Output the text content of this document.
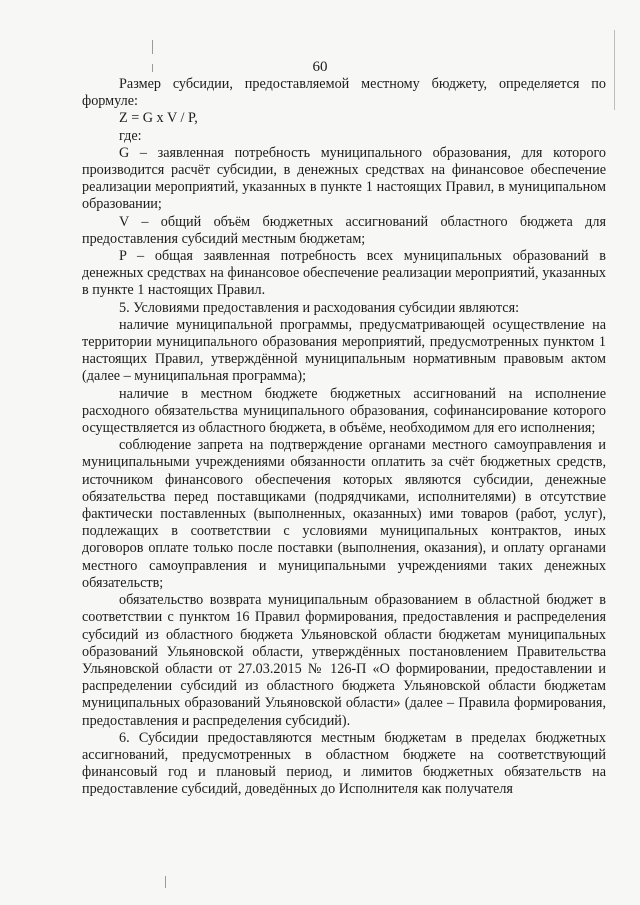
60

Размер субсидии, предоставляемой местному бюджету, определяется по формуле:

Z = G x V / P,

где:

G – заявленная потребность муниципального образования, для которого производится расчёт субсидии, в денежных средствах на финансовое обеспечение реализации мероприятий, указанных в пункте 1 настоящих Правил, в муниципальном образовании;

V – общий объём бюджетных ассигнований областного бюджета для предоставления субсидий местным бюджетам;

P – общая заявленная потребность всех муниципальных образований в денежных средствах на финансовое обеспечение реализации мероприятий, указанных в пункте 1 настоящих Правил.

5. Условиями предоставления и расходования субсидии являются:

наличие муниципальной программы, предусматривающей осуществление на территории муниципального образования мероприятий, предусмотренных пунктом 1 настоящих Правил, утверждённой муниципальным нормативным правовым актом (далее – муниципальная программа);

наличие в местном бюджете бюджетных ассигнований на исполнение расходного обязательства муниципального образования, софинансирование которого осуществляется из областного бюджета, в объёме, необходимом для его исполнения;

соблюдение запрета на подтверждение органами местного самоуправления и муниципальными учреждениями обязанности оплатить за счёт бюджетных средств, источником финансового обеспечения которых являются субсидии, денежные обязательства перед поставщиками (подрядчиками, исполнителями) в отсутствие фактически поставленных (выполненных, оказанных) ими товаров (работ, услуг), подлежащих в соответствии с условиями муниципальных контрактов, иных договоров оплате только после поставки (выполнения, оказания), и оплату органами местного самоуправления и муниципальными учреждениями таких денежных обязательств;

обязательство возврата муниципальным образованием в областной бюджет в соответствии с пунктом 16 Правил формирования, предоставления и распределения субсидий из областного бюджета Ульяновской области бюджетам муниципальных образований Ульяновской области, утверждённых постановлением Правительства Ульяновской области от 27.03.2015 № 126-П «О формировании, предоставлении и распределении субсидий из областного бюджета Ульяновской области бюджетам муниципальных образований Ульяновской области» (далее – Правила формирования, предоставления и распределения субсидий).

6. Субсидии предоставляются местным бюджетам в пределах бюджетных ассигнований, предусмотренных в областном бюджете на соответствующий финансовый год и плановый период, и лимитов бюджетных обязательств на предоставление субсидий, доведённых до Исполнителя как получателя
